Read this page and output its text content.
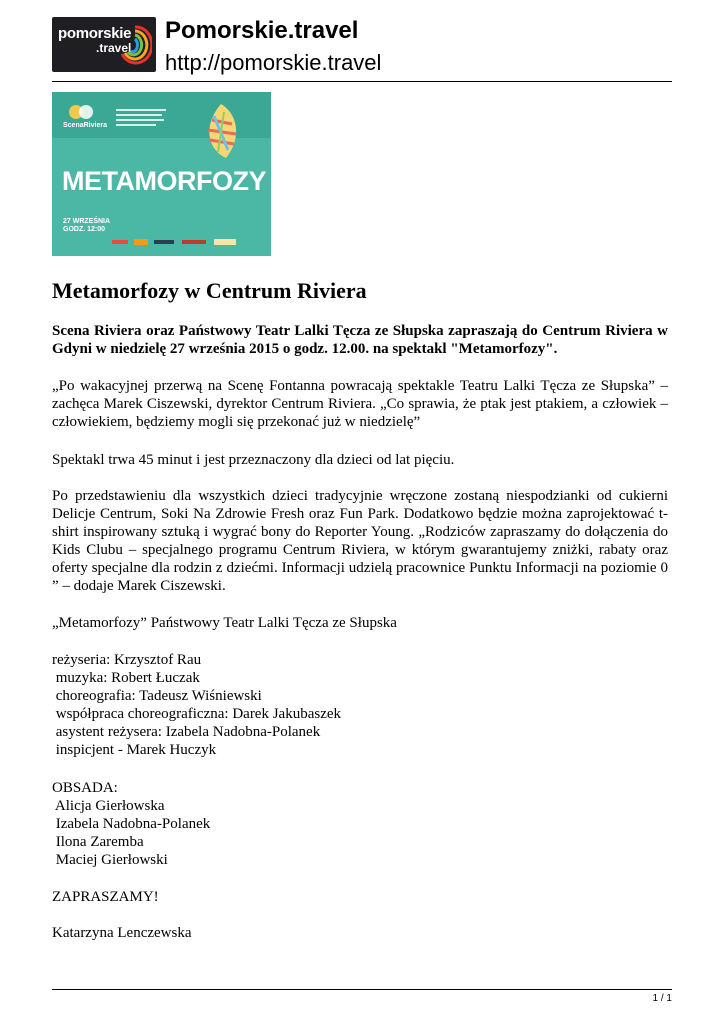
pomorskie
.travel
Pomorskie.travel
http://pomorskie.travel
ScenaRiviera
METAMORFOZY
27 WRZEŚNIA
GODZ. 12:00
Metamorfozy w Centrum Riviera

Scena Riviera oraz Państwowy Teatr Lalki Tęcza ze Słupska zapraszają do Centrum Riviera w Gdyni w niedzielę 27 września 2015 o godz. 12.00. na spektakl "Metamorfozy".

„Po wakacyjnej przerwą na Scenę Fontanna powracają spektakle Teatru Lalki Tęcza ze Słupska” – zachęca Marek Ciszewski, dyrektor Centrum Riviera. „Co sprawia, że ptak jest ptakiem, a człowiek – człowiekiem, będziemy mogli się przekonać już w niedzielę”

Spektakl trwa 45 minut i jest przeznaczony dla dzieci od lat pięciu.

Po przedstawieniu dla wszystkich dzieci tradycyjnie wręczone zostaną niespodzianki od cukierni Delicje Centrum, Soki Na Zdrowie Fresh oraz Fun Park. Dodatkowo będzie można zaprojektować t-shirt inspirowany sztuką i wygrać bony do Reporter Young. „Rodziców zapraszamy do dołączenia do Kids Clubu – specjalnego programu Centrum Riviera, w którym gwarantujemy zniżki, rabaty oraz oferty specjalne dla rodzin z dziećmi. Informacji udzielą pracownice Punktu Informacji na poziomie 0 ” – dodaje Marek Ciszewski.

„Metamorfozy” Państwowy Teatr Lalki Tęcza ze Słupska

reżyseria: Krzysztof Rau
muzyka: Robert Łuczak
choreografia: Tadeusz Wiśniewski
współpraca choreograficzna: Darek Jakubaszek
asystent reżysera: Izabela Nadobna-Polanek
inspicjent - Marek Huczyk
OBSADA:
Alicja Gierłowska
Izabela Nadobna-Polanek
Ilona Zaremba
Maciej Gierłowski

ZAPRASZAMY!

Katarzyna Lenczewska

1 / 1
